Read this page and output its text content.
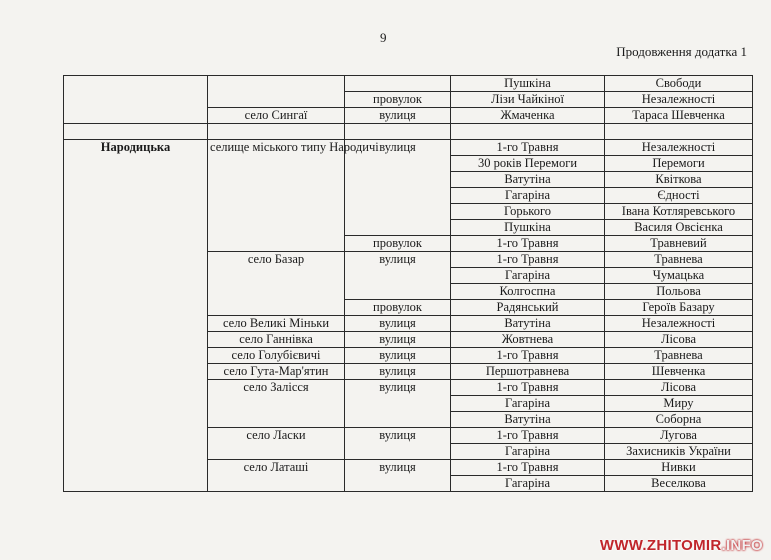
9
Продовження додатка 1
			Пушкіна	Свободи
		провулок	Лізи Чайкіної	Незалежності
	село Сингаї	вулиця	Жмаченка	Тараса Шевченка

Народицька	селище міського типу Народичі	вулиця	1-го Травня	Незалежності
			30 років Перемоги	Перемоги
			Ватутіна	Квіткова
			Гагаріна	Єдності
			Горького	Івана Котляревського
			Пушкіна	Василя Овсієнка
		провулок	1-го Травня	Травневий
	село Базар	вулиця	1-го Травня	Травнева
			Гагаріна	Чумацька
			Колгоспна	Польова
		провулок	Радянський	Героїв Базару
	село Великі Міньки	вулиця	Ватутіна	Незалежності
	село Ганнівка	вулиця	Жовтнева	Лісова
	село Голубієвичі	вулиця	1-го Травня	Травнева
	село Гута-Мар'ятин	вулиця	Першотравнева	Шевченка
	село Залісся	вулиця	1-го Травня	Лісова
			Гагаріна	Миру
			Ватутіна	Соборна
	село Ласки	вулиця	1-го Травня	Лугова
			Гагаріна	Захисників України
	село Латаші	вулиця	1-го Травня	Нивки
			Гагаріна	Веселкова
WWW.ZHITOMIR.INFO
